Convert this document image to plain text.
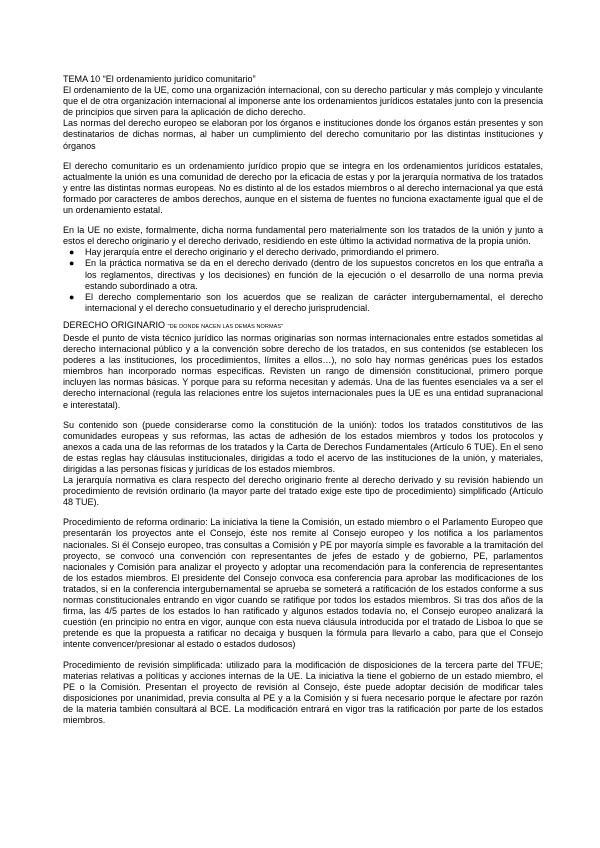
TEMA 10 “El ordenamiento jurídico comunitario”

El ordenamiento de la UE, como una organización internacional, con su derecho particular y más complejo y vinculante que el de otra organización internacional al imponerse ante los ordenamientos jurídicos estatales junto con la presencia de principios que sirven para la aplicación de dicho derecho.

Las normas del derecho europeo se elaboran por los órganos e instituciones donde los órganos están presentes y son destinatarios de dichas normas, al haber un cumplimiento del derecho comunitario por las distintas instituciones y órganos

El derecho comunitario es un ordenamiento jurídico propio que se integra en los ordenamientos jurídicos estatales, actualmente la unión es una comunidad de derecho por la eficacia de estas y por la jerarquía normativa de los tratados y entre las distintas normas europeas. No es distinto al de los estados miembros o al derecho internacional ya que está formado por caracteres de ambos derechos, aunque en el sistema de fuentes no funciona exactamente igual que el de un ordenamiento estatal.

En la UE no existe, formalmente, dicha norma fundamental pero materialmente son los tratados de la unión y junto a estos el derecho originario y el derecho derivado, residiendo en este último la actividad normativa de la propia unión.

● Hay jerarquía entre el derecho originario y el derecho derivado, primordiando el primero.
● En la práctica normativa se da en el derecho derivado (dentro de los supuestos concretos en los que entraña a los reglamentos, directivas y los decisiones) en función de la ejecución o el desarrollo de una norma previa estando subordinado a otra.
● El derecho complementario son los acuerdos que se realizan de carácter intergubernamental, el derecho internacional y el derecho consuetudinario y el derecho jurisprudencial.

DERECHO ORIGINARIO "DE DONDE NACEN LAS DEMÁS NORMAS"

Desde el punto de vista técnico jurídico las normas originarias son normas internacionales entre estados sometidas al derecho internacional público y a la convención sobre derecho de los tratados, en sus contenidos (se establecen los poderes a las instituciones, los procedimientos, límites a ellos…), no solo hay normas genéricas pues los estados miembros han incorporado normas específicas. Revisten un rango de dimensión constitucional, primero porque incluyen las normas básicas. Y porque para su reforma necesitan y además. Una de las fuentes esenciales va a ser el derecho internacional (regula las relaciones entre los sujetos internacionales pues la UE es una entidad supranacional e interestatal).

Su contenido son (puede considerarse como la constitución de la unión): todos los tratados constitutivos de las comunidades europeas y sus reformas, las actas de adhesión de los estados miembros y todos los protocolos y anexos a cada una de las reformas de los tratados y la Carta de Derechos Fundamentales (Artículo 6 TUE). En el seno de estas reglas hay cláusulas institucionales, dirigidas a todo el acervo de las instituciones de la unión, y materiales, dirigidas a las personas físicas y jurídicas de los estados miembros.

La jerarquía normativa es clara respecto del derecho originario frente al derecho derivado y su revisión habiendo un procedimiento de revisión ordinario (la mayor parte del tratado exige este tipo de procedimiento) simplificado (Artículo 48 TUE).

Procedimiento de reforma ordinario: La iniciativa la tiene la Comisión, un estado miembro o el Parlamento Europeo que presentarán los proyectos ante el Consejo, éste nos remite al Consejo europeo y los notifica a los parlamentos nacionales. Si él Consejo europeo, tras consultas a Comisión y PE por mayoría simple es favorable a la tramitación del proyecto, se convocó una convención con representantes de jefes de estado y de gobierno, PE, parlamentos nacionales y Comisión para analizar el proyecto y adoptar una recomendación para la conferencia de representantes de los estados miembros. El presidente del Consejo convoca esa conferencia para aprobar las modificaciones de los tratados, si en la conferencia intergubernamental se aprueba se someterá a ratificación de los estados conforme a sus normas constitucionales entrando en vigor cuando se ratifique por todos los estados miembros. Si tras dos años de la firma, las 4/5 partes de los estados lo han ratificado y algunos estados todavía no, el Consejo europeo analizará la cuestión (en principio no entra en vigor, aunque con esta nueva cláusula introducida por el tratado de Lisboa lo que se pretende es que la propuesta a ratificar no decaiga y busquen la fórmula para llevarlo a cabo, para que el Consejo intente convencer/presionar al estado o estados dudosos)

Procedimiento de revisión simplificada: utilizado para la modificación de disposiciones de la tercera parte del TFUE; materias relativas a políticas y acciones internas de la UE. La iniciativa la tiene el gobierno de un estado miembro, el PE o la Comisión. Presentan el proyecto de revisión al Consejo, éste puede adoptar decisión de modificar tales disposiciones por unanimidad, previa consulta al PE y a la Comisión y si fuera necesario porque le afectare por razón de la materia también consultará al BCE. La modificación entrará en vigor tras la ratificación por parte de los estados miembros.
